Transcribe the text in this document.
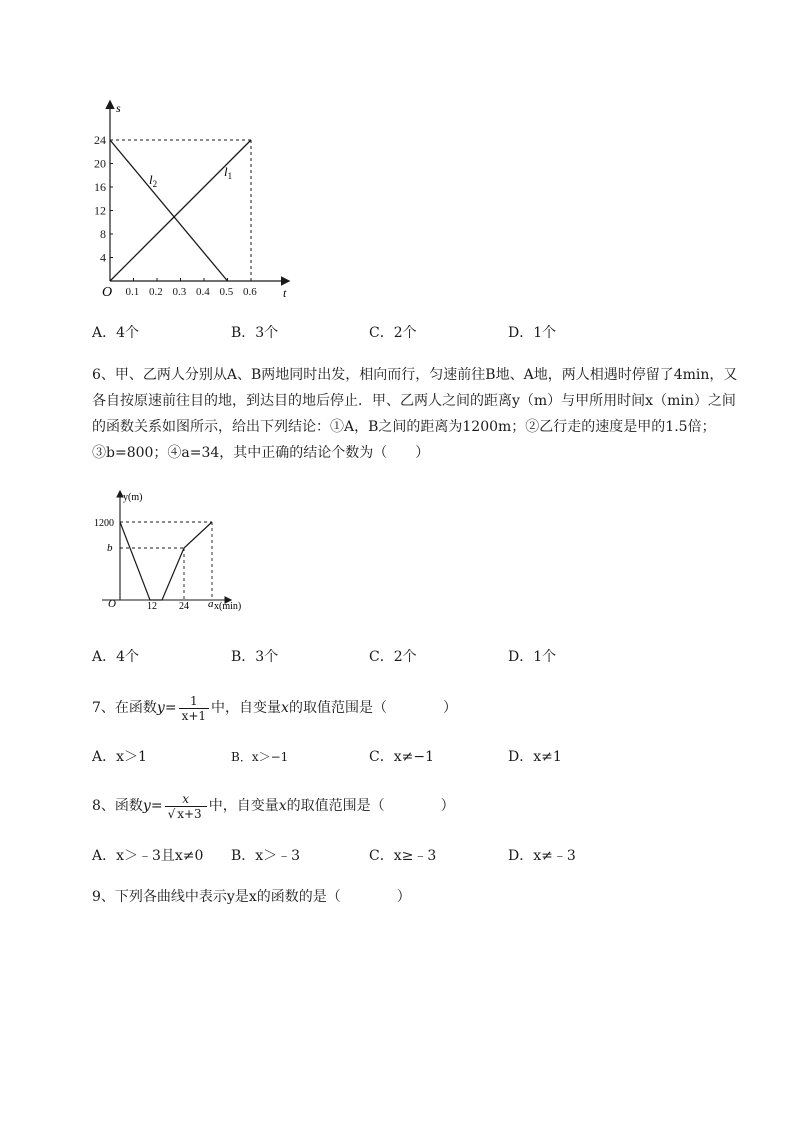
4
8
12
16
20
24
0.1 0.2 0.3 0.4 0.5 0.6
s
t
O
$l_2$
$l_1$
A．4个	B．3个	C．2个	D．1个
6、甲、乙两人分别从A、B两地同时出发，相向而行，匀速前往B地、A地，两人相遇时停留了4min，又各自按原速前往目的地，到达目的地后停止．甲、乙两人之间的距离y（m）与甲所用时间x（min）之间的函数关系如图所示，给出下列结论：①A，B之间的距离为1200m；②乙行走的速度是甲的1.5倍；③b=800；④a=34，其中正确的结论个数为（　　）
y(m)
x(min)
O
1200
b
12 24 a
A．4个	B．3个	C．2个	D．1个
7、在函数$y= \frac{1}{x+1}$ 中，自变量x的取值范围是（　　　　）
A．x＞1	B．x＞−1	C．x≠−1	D．x≠1
8、函数$y= \frac{x}{√ x+3}$ 中，自变量x的取值范围是（　　　　）
A．x＞﹣3且x≠0 B．x＞﹣3	C．x≥﹣3	D．x≠﹣3
9、下列各曲线中表示y是x的函数的是（　　　　）
